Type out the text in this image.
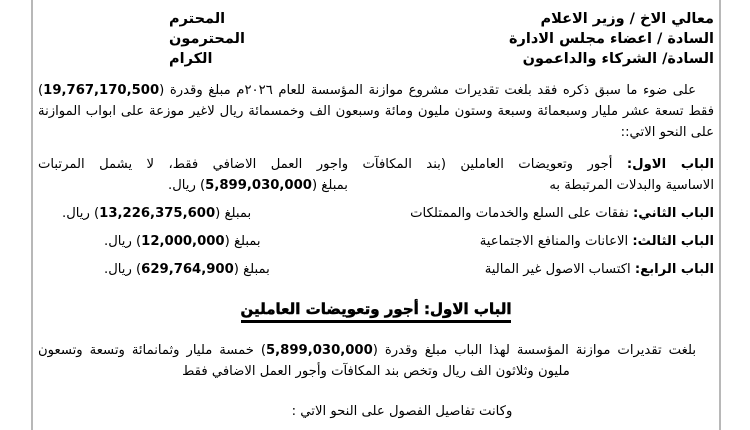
معالي الاخ / وزير الاعلام
السادة / اعضاء مجلس الادارة
السادة/ الشركاء والداعمون
المحترم
المحترمون
الكرام

على ضوء ما سبق ذكره فقد بلغت تقديرات مشروع موازنة المؤسسة للعام ٢٠٢٦م مبلغ وقدرة (19,767,170,500) فقط تسعة عشر مليار وسبعمائة وسبعة وستون مليون ومائة وسبعون الف وخمسمائة ريال لاغير موزعة على ابواب الموازنة على النحو الاتي::

الباب الاول: أجور وتعويضات العاملين (بند المكافآت واجور العمل الاضافي فقط، لا يشمل المرتبات
الاساسية والبدلات المرتبطة به
بمبلغ (5,899,030,000) ريال.
الباب الثاني: نفقات على السلع والخدمات والممتلكات
بمبلغ (13,226,375,600) ريال.
الباب الثالث: الاعانات والمنافع الاجتماعية
بمبلغ (12,000,000) ريال.
الباب الرابع: اكتساب الاصول غير المالية
بمبلغ (629,764,900) ريال.
الباب الاول: أجور وتعويضات العاملين

بلغت تقديرات موازنة المؤسسة لهذا الباب مبلغ وقدرة (5,899,030,000) خمسة مليار وثمانمائة وتسعة وتسعون مليون وثلاثون الف ريال وتخص بند المكافآت وأجور العمل الاضافي فقط

وكانت تفاصيل الفصول على النحو الاتي :
